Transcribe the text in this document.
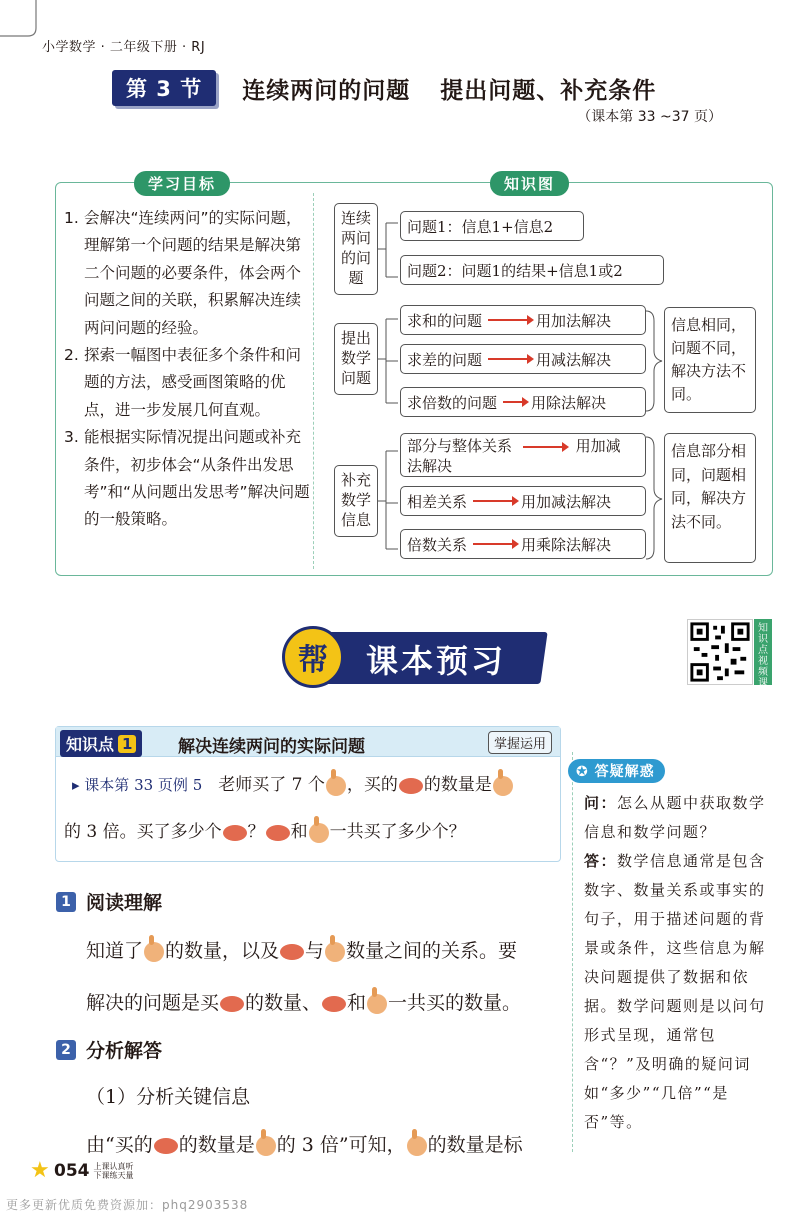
小学数学 · 二年级下册 · RJ
第 3 节	连续两问的问题 提出问题、补充条件
（课本第 33 ~37 页）
学习目标	知识图
1. 会解决“连续两问”的实际问题，理解第一个问题的结果是解决第二个问题的必要条件，体会两个问题之间的关联，积累解决连续两问问题的经验。
2. 探索一幅图中表征多个条件和问题的方法，感受画图策略的优点，进一步发展几何直观。
3. 能根据实际情况提出问题或补充条件，初步体会“从条件出发思考”和“从问题出发思考”解决问题的一般策略。
连续两问的问题
问题1：信息1+信息2
问题2：问题1的结果+信息1或2
提出数学问题
求和的问题	用加法解决
求差的问题	用减法解决
求倍数的问题 用除法解决
信息相同，问题不同，解决方法不同。
补充数学信息
部分与整体关系	用加减
法解决
相差关系	用加减法解决
倍数关系	用乘除法解决
信息部分相同，问题相同，解决方法不同。
帮	课本预习
知识点视频课
知识点 1	解决连续两问的实际问题	掌握运用
▸ 课本第 33 页例 5 老师买了 7 个 ，买的 的数量是
的 3 倍。买了多少个 ？ 和 一共买了多少个？
1 阅读理解
知道了 的数量，以及 与 数量之间的关系。要
解决的问题是买 的数量、 和 一共买的数量。
2 分析解答
（1）分析关键信息
由“买的 的数量是 的 3 倍”可知， 的数量是标
✪ 答疑解惑
问：怎么从题中获取数学信息和数学问题？
答：数学信息通常是包含数字、数量关系或事实的句子，用于描述问题的背景或条件，这些信息为解决问题提供了数据和依据。数学问题则是以问句形式呈现，通常包含“？”及明确的疑问词如“多少”“几倍”“是否”等。
★ 054 上课认真听
下课练天量
更多更新优质免费资源加：phq2903538
